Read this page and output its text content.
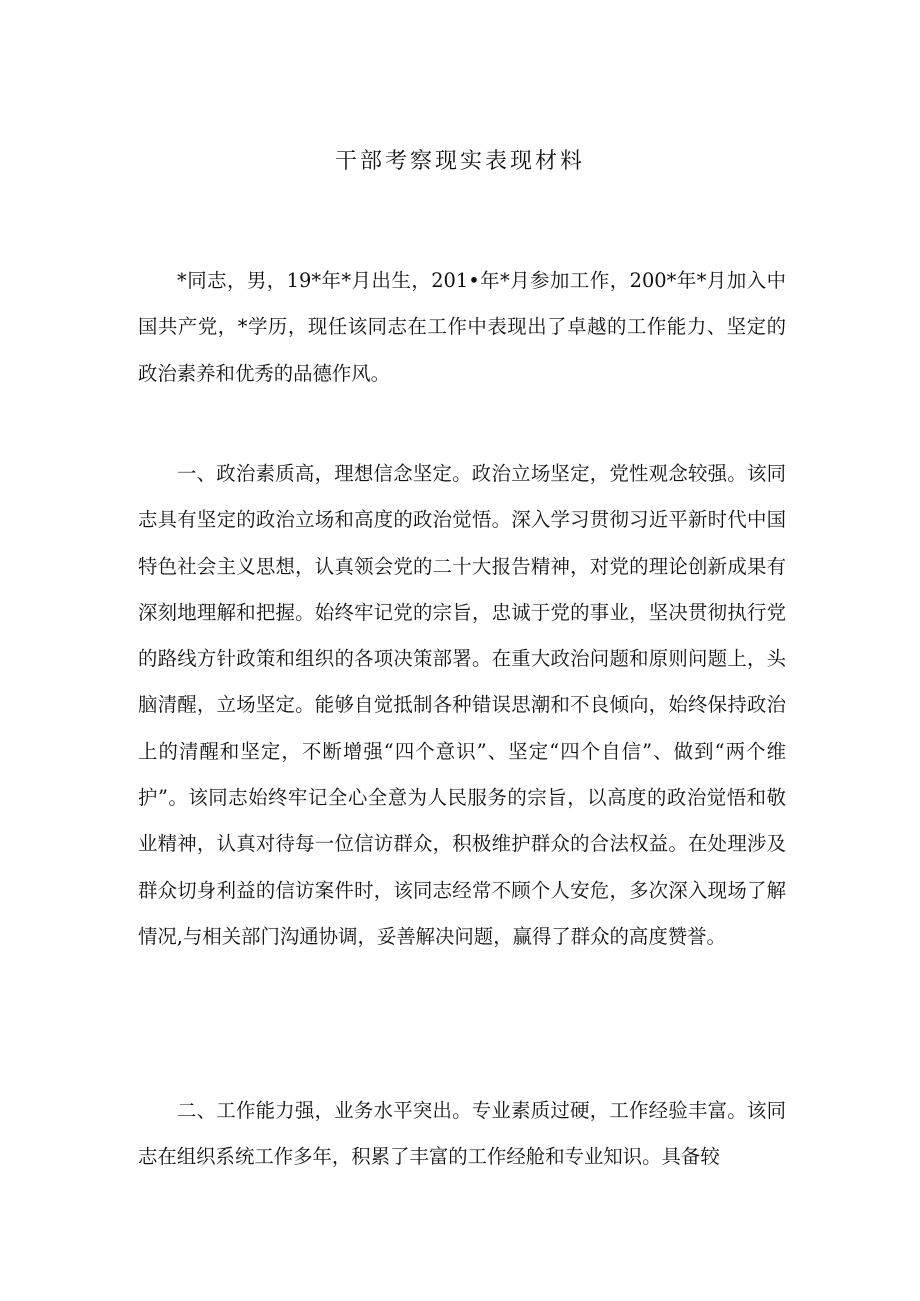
干部考察现实表现材料

*同志，男，19*年*月出生，201•年*月参加工作，200*年*月加入中国共产党，*学历，现任该同志在工作中表现出了卓越的工作能力、坚定的政治素养和优秀的品德作风。

一、政治素质高，理想信念坚定。政治立场坚定，党性观念较强。该同志具有坚定的政治立场和高度的政治觉悟。深入学习贯彻习近平新时代中国特色社会主义思想，认真领会党的二十大报告精神，对党的理论创新成果有深刻地理解和把握。始终牢记党的宗旨，忠诚于党的事业，坚决贯彻执行党的路线方针政策和组织的各项决策部署。在重大政治问题和原则问题上，头脑清醒，立场坚定。能够自觉抵制各种错误思潮和不良倾向，始终保持政治上的清醒和坚定，不断增强“四个意识”、坚定“四个自信”、做到“两个维护”。该同志始终牢记全心全意为人民服务的宗旨，以高度的政治觉悟和敬业精神，认真对待每一位信访群众，积极维护群众的合法权益。在处理涉及群众切身利益的信访案件时，该同志经常不顾个人安危，多次深入现场了解情况,与相关部门沟通协调，妥善解决问题，赢得了群众的高度赞誉。

二、工作能力强，业务水平突出。专业素质过硬，工作经验丰富。该同志在组织系统工作多年，积累了丰富的工作经舱和专业知识。具备较
